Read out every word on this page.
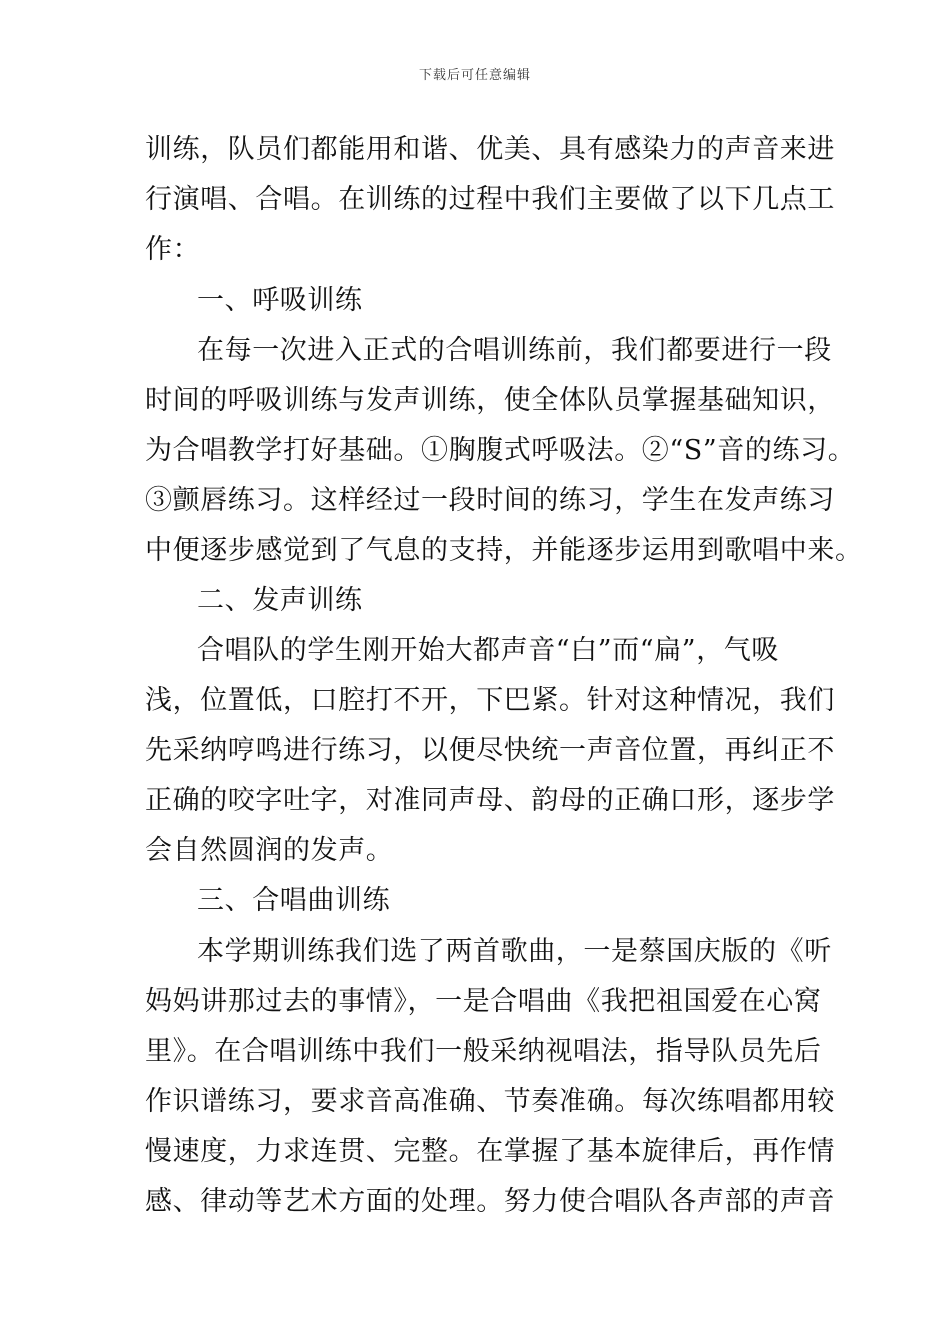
下载后可任意编辑
训练，队员们都能用和谐、优美、具有感染力的声音来进
行演唱、合唱。在训练的过程中我们主要做了以下几点工
作：
一、呼吸训练
在每一次进入正式的合唱训练前，我们都要进行一段
时间的呼吸训练与发声训练，使全体队员掌握基础知识，
为合唱教学打好基础。①胸腹式呼吸法。②“S”音的练习。
③颤唇练习。这样经过一段时间的练习，学生在发声练习
中便逐步感觉到了气息的支持，并能逐步运用到歌唱中来。
二、发声训练
合唱队的学生刚开始大都声音“白”而“扁”，气吸
浅，位置低，口腔打不开，下巴紧。针对这种情况，我们
先采纳哼鸣进行练习，以便尽快统一声音位置，再纠正不
正确的咬字吐字，对准同声母、韵母的正确口形，逐步学
会自然圆润的发声。
三、合唱曲训练
本学期训练我们选了两首歌曲，一是蔡国庆版的《听
妈妈讲那过去的事情》，一是合唱曲《我把祖国爱在心窝
里》。在合唱训练中我们一般采纳视唱法，指导队员先后
作识谱练习，要求音高准确、节奏准确。每次练唱都用较
慢速度，力求连贯、完整。在掌握了基本旋律后，再作情
感、律动等艺术方面的处理。努力使合唱队各声部的声音
